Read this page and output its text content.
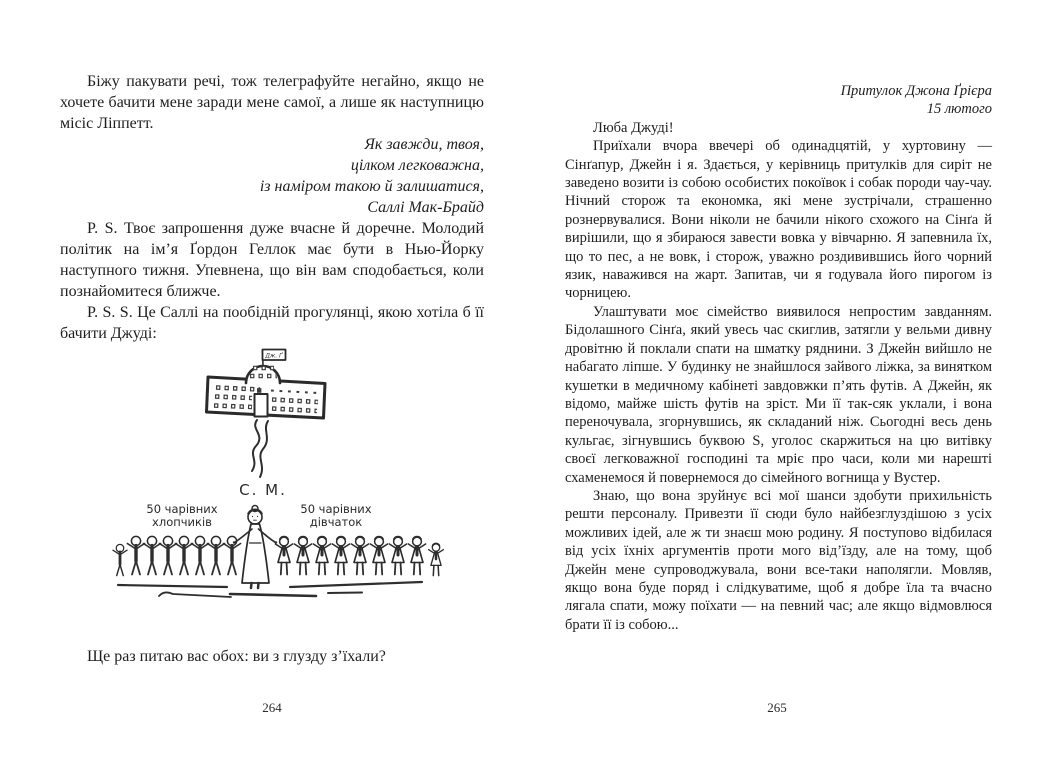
Біжу пакувати речі, тож телеграфуйте негайно, якщо не хочете бачити мене заради мене самої, а лише як наступницю місіс Ліппетт.

Як завжди, твоя,
цілком легковажна,
із наміром такою й залишатися,
Саллі Мак-Брайд

P. S. Твоє запрошення дуже вчасне й доречне. Молодий політик на ім’я Ґордон Геллок має бути в Нью-Йорку наступного тижня. Упевнена, що він вам сподобається, коли познайомитеся ближче.

P. S. S. Це Саллі на пообідній прогулянці, якою хотіла б її бачити Джуді:

Дж. Ґ
С. М.
50 чарівних
хлопчиків
50 чарівних
дівчаток
Ще раз питаю вас обох: ви з глузду з’їхали?
264
Притулок Джона Ґрієра
15 лютого

Люба Джуді!

Приїхали вчора ввечері об одинадцятій, у хуртовину — Сінґапур, Джейн і я. Здається, у керівниць притулків для сиріт не заведено возити із собою особистих покоївок і собак породи чау-чау. Нічний сторож та економка, які мене зустрічали, страшенно рознервувалися. Вони ніколи не бачили нікого схожого на Сінґа й вирішили, що я збираюся завести вовка у вівчарню. Я запевнила їх, що то пес, а не вовк, і сторож, уважно роздивившись його чорний язик, наважився на жарт. Запитав, чи я годувала його пирогом із чорницею.

Улаштувати моє сімейство виявилося непростим завданням. Бідолашного Сінґа, який увесь час скиглив, затягли у вельми дивну дровітню й поклали спати на шматку ряднини. З Джейн вийшло не набагато ліпше. У будинку не знайшлося зайвого ліжка, за винятком кушетки в медичному кабінеті завдовжки п’ять футів. А Джейн, як відомо, майже шість футів на зріст. Ми її так-сяк уклали, і вона переночувала, згорнувшись, як складаний ніж. Сьогодні весь день кульгає, зігнувшись буквою S, уголос скаржиться на цю витівку своєї легковажної господині та мріє про часи, коли ми нарешті схаменемося й повернемося до сімейного вогнища у Вустер.

Знаю, що вона зруйнує всі мої шанси здобути прихильність решти персоналу. Привезти її сюди було найбезглуздішою з усіх можливих ідей, але ж ти знаєш мою родину. Я поступово відбилася від усіх їхніх аргументів проти мого від’їзду, але на тому, щоб Джейн мене супроводжувала, вони все-таки наполягли. Мовляв, якщо вона буде поряд і слідкуватиме, щоб я добре їла та вчасно лягала спати, можу поїхати — на певний час; але якщо відмовлюся брати її із собою...

265
